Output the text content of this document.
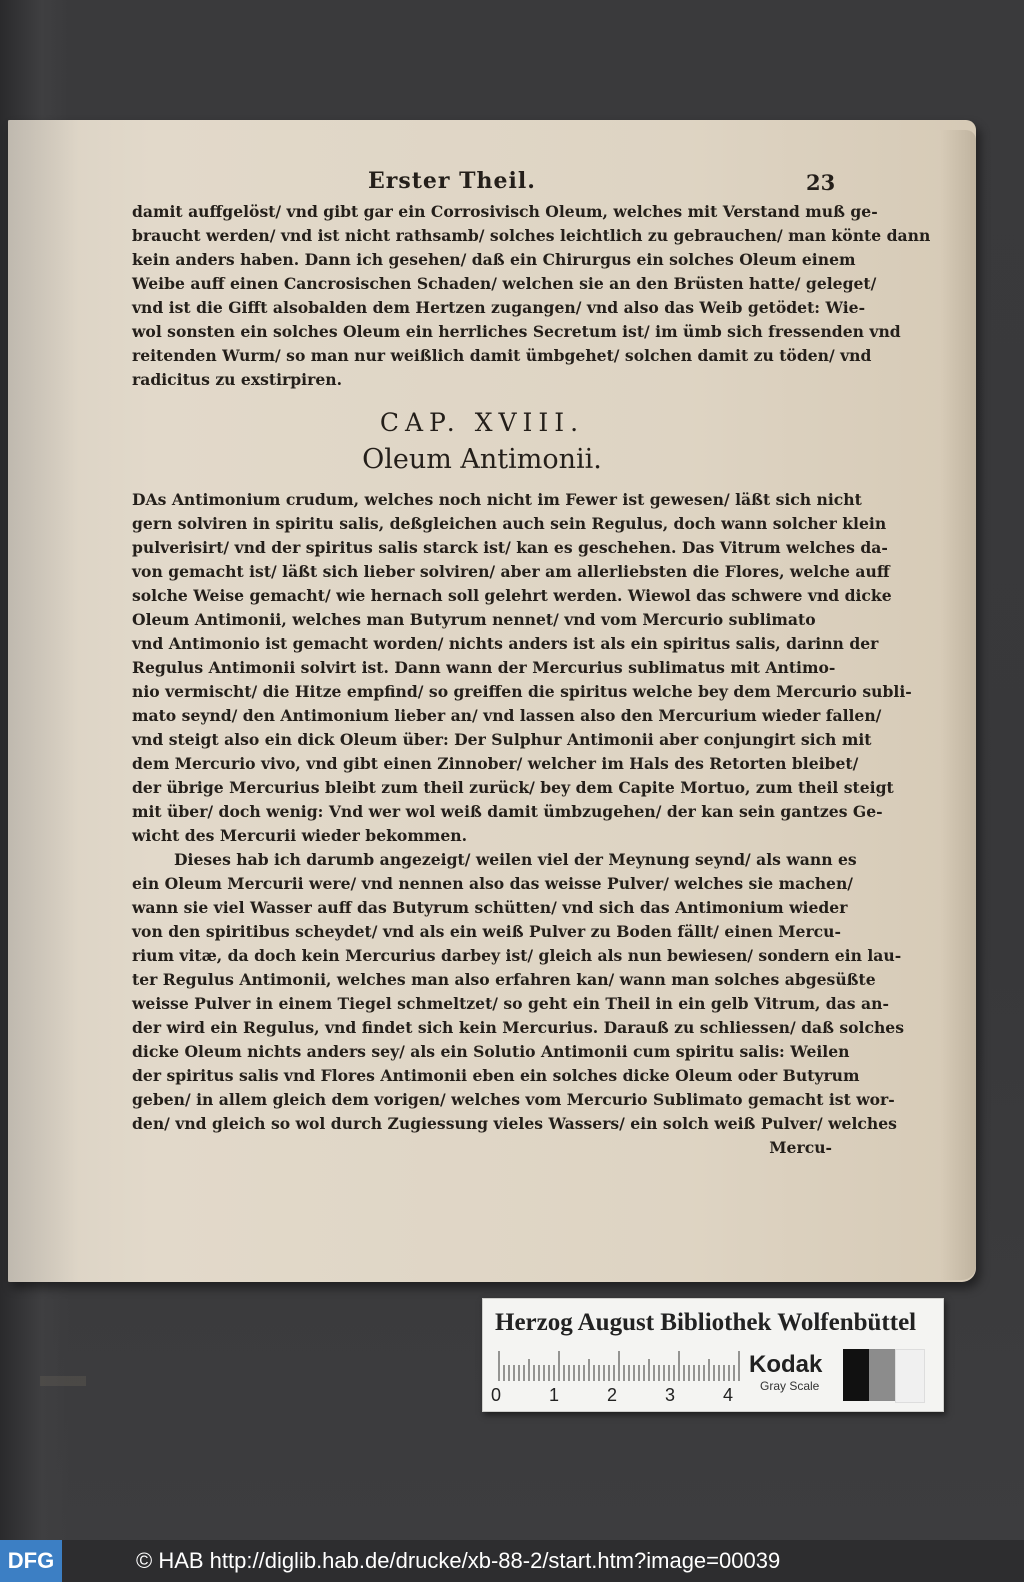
Erster Theil.	23
damit auffgelöst/ vnd gibt gar ein Corrosivisch Oleum, welches mit Verstand muß ge-
braucht werden/ vnd ist nicht rathsamb/ solches leichtlich zu gebrauchen/ man könte dann
kein anders haben. Dann ich gesehen/ daß ein Chirurgus ein solches Oleum einem
Weibe auff einen Cancrosischen Schaden/ welchen sie an den Brüsten hatte/ geleget/
vnd ist die Gifft alsobalden dem Hertzen zugangen/ vnd also das Weib getödet: Wie-
wol sonsten ein solches Oleum ein herrliches Secretum ist/ im ümb sich fressenden vnd
reitenden Wurm/ so man nur weißlich damit ümbgehet/ solchen damit zu töden/ vnd
radicitus zu exstirpiren.
CAP. XVIII.
Oleum Antimonii.
DAs Antimonium crudum, welches noch nicht im Fewer ist gewesen/ läßt sich nicht
gern solviren in spiritu salis, deßgleichen auch sein Regulus, doch wann solcher klein
pulverisirt/ vnd der spiritus salis starck ist/ kan es geschehen. Das Vitrum welches da-
von gemacht ist/ läßt sich lieber solviren/ aber am allerliebsten die Flores, welche auff
solche Weise gemacht/ wie hernach soll gelehrt werden. Wiewol das schwere vnd dicke
Oleum Antimonii, welches man Butyrum nennet/ vnd vom Mercurio sublimato
vnd Antimonio ist gemacht worden/ nichts anders ist als ein spiritus salis, darinn der
Regulus Antimonii solvirt ist. Dann wann der Mercurius sublimatus mit Antimo-
nio vermischt/ die Hitze empfind/ so greiffen die spiritus welche bey dem Mercurio subli-
mato seynd/ den Antimonium lieber an/ vnd lassen also den Mercurium wieder fallen/
vnd steigt also ein dick Oleum über: Der Sulphur Antimonii aber conjungirt sich mit
dem Mercurio vivo, vnd gibt einen Zinnober/ welcher im Hals des Retorten bleibet/
der übrige Mercurius bleibt zum theil zurück/ bey dem Capite Mortuo, zum theil steigt
mit über/ doch wenig: Vnd wer wol weiß damit ümbzugehen/ der kan sein gantzes Ge-
wicht des Mercurii wieder bekommen.
Dieses hab ich darumb angezeigt/ weilen viel der Meynung seynd/ als wann es
ein Oleum Mercurii were/ vnd nennen also das weisse Pulver/ welches sie machen/
wann sie viel Wasser auff das Butyrum schütten/ vnd sich das Antimonium wieder
von den spiritibus scheydet/ vnd als ein weiß Pulver zu Boden fällt/ einen Mercu-
rium vitæ, da doch kein Mercurius darbey ist/ gleich als nun bewiesen/ sondern ein lau-
ter Regulus Antimonii, welches man also erfahren kan/ wann man solches abgesüßte
weisse Pulver in einem Tiegel schmeltzet/ so geht ein Theil in ein gelb Vitrum, das an-
der wird ein Regulus, vnd findet sich kein Mercurius. Darauß zu schliessen/ daß solches
dicke Oleum nichts anders sey/ als ein Solutio Antimonii cum spiritu salis: Weilen
der spiritus salis vnd Flores Antimonii eben ein solches dicke Oleum oder Butyrum
geben/ in allem gleich dem vorigen/ welches vom Mercurio Sublimato gemacht ist wor-
den/ vnd gleich so wol durch Zugiessung vieles Wassers/ ein solch weiß Pulver/ welches
Mercu-
Herzog August Bibliothek Wolfenbüttel
0	1	2	3	4
Kodak
Gray Scale
DFG	© HAB http://diglib.hab.de/drucke/xb-88-2/start.htm?image=00039
